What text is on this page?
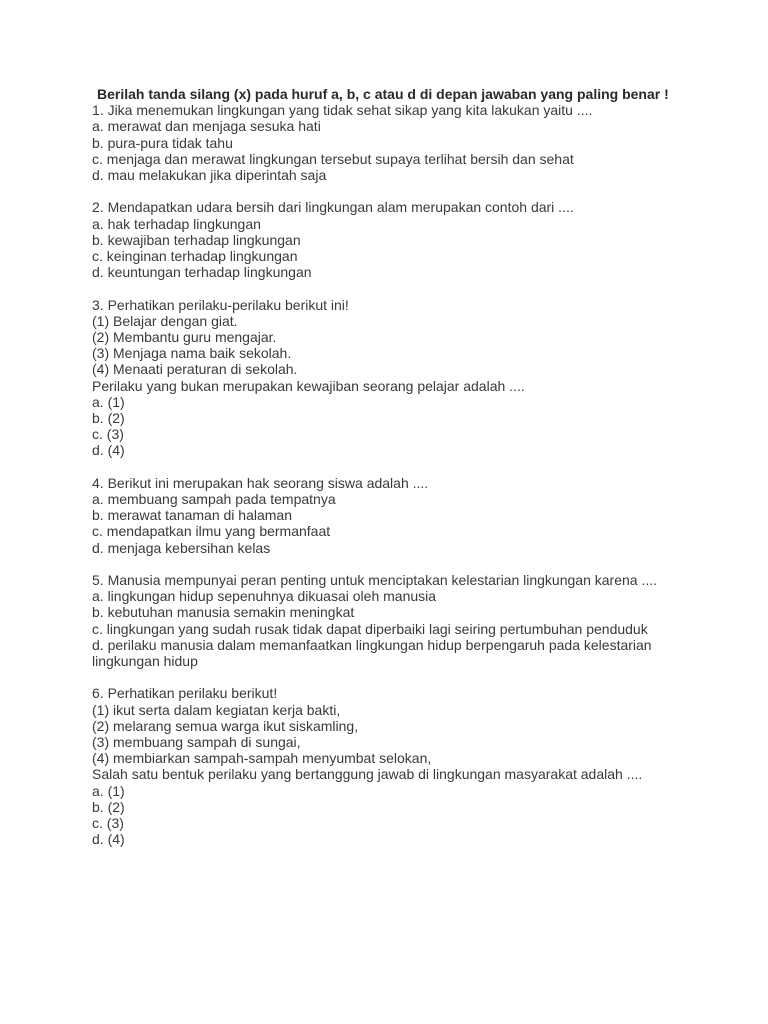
Berilah tanda silang (x) pada huruf a, b, c atau d di depan jawaban yang paling benar !

1. Jika menemukan lingkungan yang tidak sehat sikap yang kita lakukan yaitu ....
a. merawat dan menjaga sesuka hati
b. pura-pura tidak tahu
c. menjaga dan merawat lingkungan tersebut supaya terlihat bersih dan sehat
d. mau melakukan jika diperintah saja
2. Mendapatkan udara bersih dari lingkungan alam merupakan contoh dari ....
a. hak terhadap lingkungan
b. kewajiban terhadap lingkungan
c. keinginan terhadap lingkungan
d. keuntungan terhadap lingkungan
3. Perhatikan perilaku-perilaku berikut ini!
(1) Belajar dengan giat.
(2) Membantu guru mengajar.
(3) Menjaga nama baik sekolah.
(4) Menaati peraturan di sekolah.
Perilaku yang bukan merupakan kewajiban seorang pelajar adalah ....
a. (1)
b. (2)
c. (3)
d. (4)
4. Berikut ini merupakan hak seorang siswa adalah ....
a. membuang sampah pada tempatnya
b. merawat tanaman di halaman
c. mendapatkan ilmu yang bermanfaat
d. menjaga kebersihan kelas
5. Manusia mempunyai peran penting untuk menciptakan kelestarian lingkungan karena ....
a. lingkungan hidup sepenuhnya dikuasai oleh manusia
b. kebutuhan manusia semakin meningkat
c. lingkungan yang sudah rusak tidak dapat diperbaiki lagi seiring pertumbuhan penduduk
d. perilaku manusia dalam memanfaatkan lingkungan hidup berpengaruh pada kelestarian lingkungan hidup
6. Perhatikan perilaku berikut!
(1) ikut serta dalam kegiatan kerja bakti,
(2) melarang semua warga ikut siskamling,
(3) membuang sampah di sungai,
(4) membiarkan sampah-sampah menyumbat selokan,
Salah satu bentuk perilaku yang bertanggung jawab di lingkungan masyarakat adalah ....
a. (1)
b. (2)
c. (3)
d. (4)
